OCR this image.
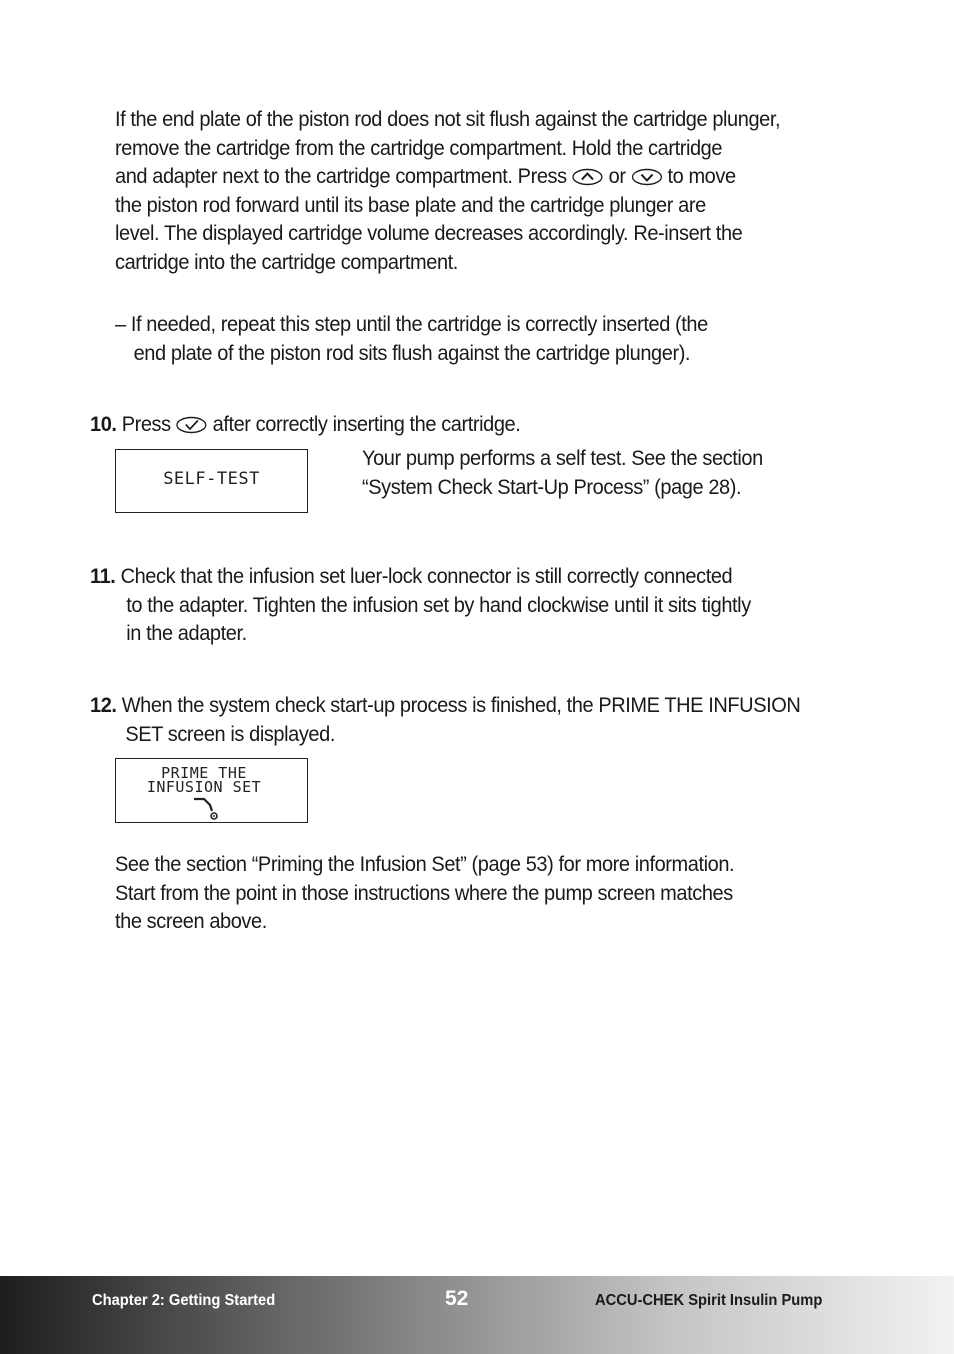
If the end plate of the piston rod does not sit flush against the cartridge plunger,
remove the cartridge from the cartridge compartment. Hold the cartridge
and adapter next to the cartridge compartment. Press or to move
the piston rod forward until its base plate and the cartridge plunger are
level. The displayed cartridge volume decreases accordingly. Re-insert the
cartridge into the cartridge compartment.
– If needed, repeat this step until the cartridge is correctly inserted (the
end plate of the piston rod sits flush against the cartridge plunger).
10. Press after correctly inserting the cartridge.
SELF-TEST
Your pump performs a self test. See the section
“System Check Start-Up Process” (page 28).
11. Check that the infusion set luer-lock connector is still correctly connected
to the adapter. Tighten the infusion set by hand clockwise until it sits tightly
in the adapter.
12. When the system check start-up process is finished, the PRIME THE INFUSION
SET screen is displayed.
PRIME THE
INFUSION SET
See the section “Priming the Infusion Set” (page 53) for more information.
Start from the point in those instructions where the pump screen matches
the screen above.
Chapter 2: Getting Started	52	ACCU-CHEK Spirit Insulin Pump
